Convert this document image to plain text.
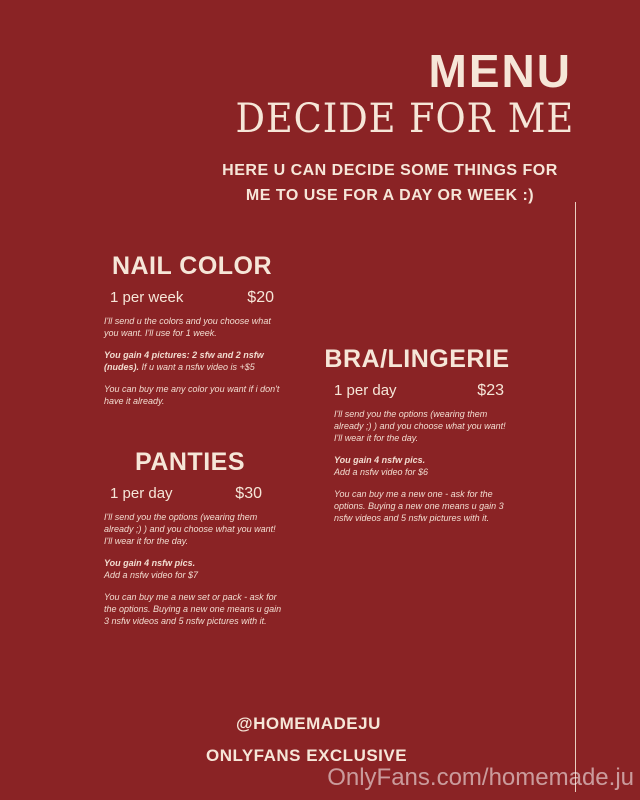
MENU
DECIDE FOR ME
HERE U CAN DECIDE SOME THINGS FOR
ME TO USE FOR A DAY OR WEEK :)
NAIL COLOR
1 per week	$20

I'll send u the colors and you choose what you want. I'll use for 1 week.

You gain 4 pictures: 2 sfw and 2 nsfw (nudes). If u want a nsfw video is +$5

You can buy me any color you want if i don't have it already.

PANTIES
1 per day	$30

I'll send you the options (wearing them already ;) ) and you choose what you want! I'll wear it for the day.

You gain 4 nsfw pics.
Add a nsfw video for $7

You can buy me a new set or pack - ask for the options. Buying a new one means u gain 3 nsfw videos and 5 nsfw pictures with it.

BRA/LINGERIE
1 per day	$23

I'll send you the options (wearing them already ;) ) and you choose what you want! I'll wear it for the day.

You gain 4 nsfw pics.
Add a nsfw video for $6

You can buy me a new one - ask for the options. Buying a new one means u gain 3 nsfw videos and 5 nsfw pictures with it.

@HOMEMADEJU
ONLYFANS EXCLUSIVE
OnlyFans.com/homemade.ju
